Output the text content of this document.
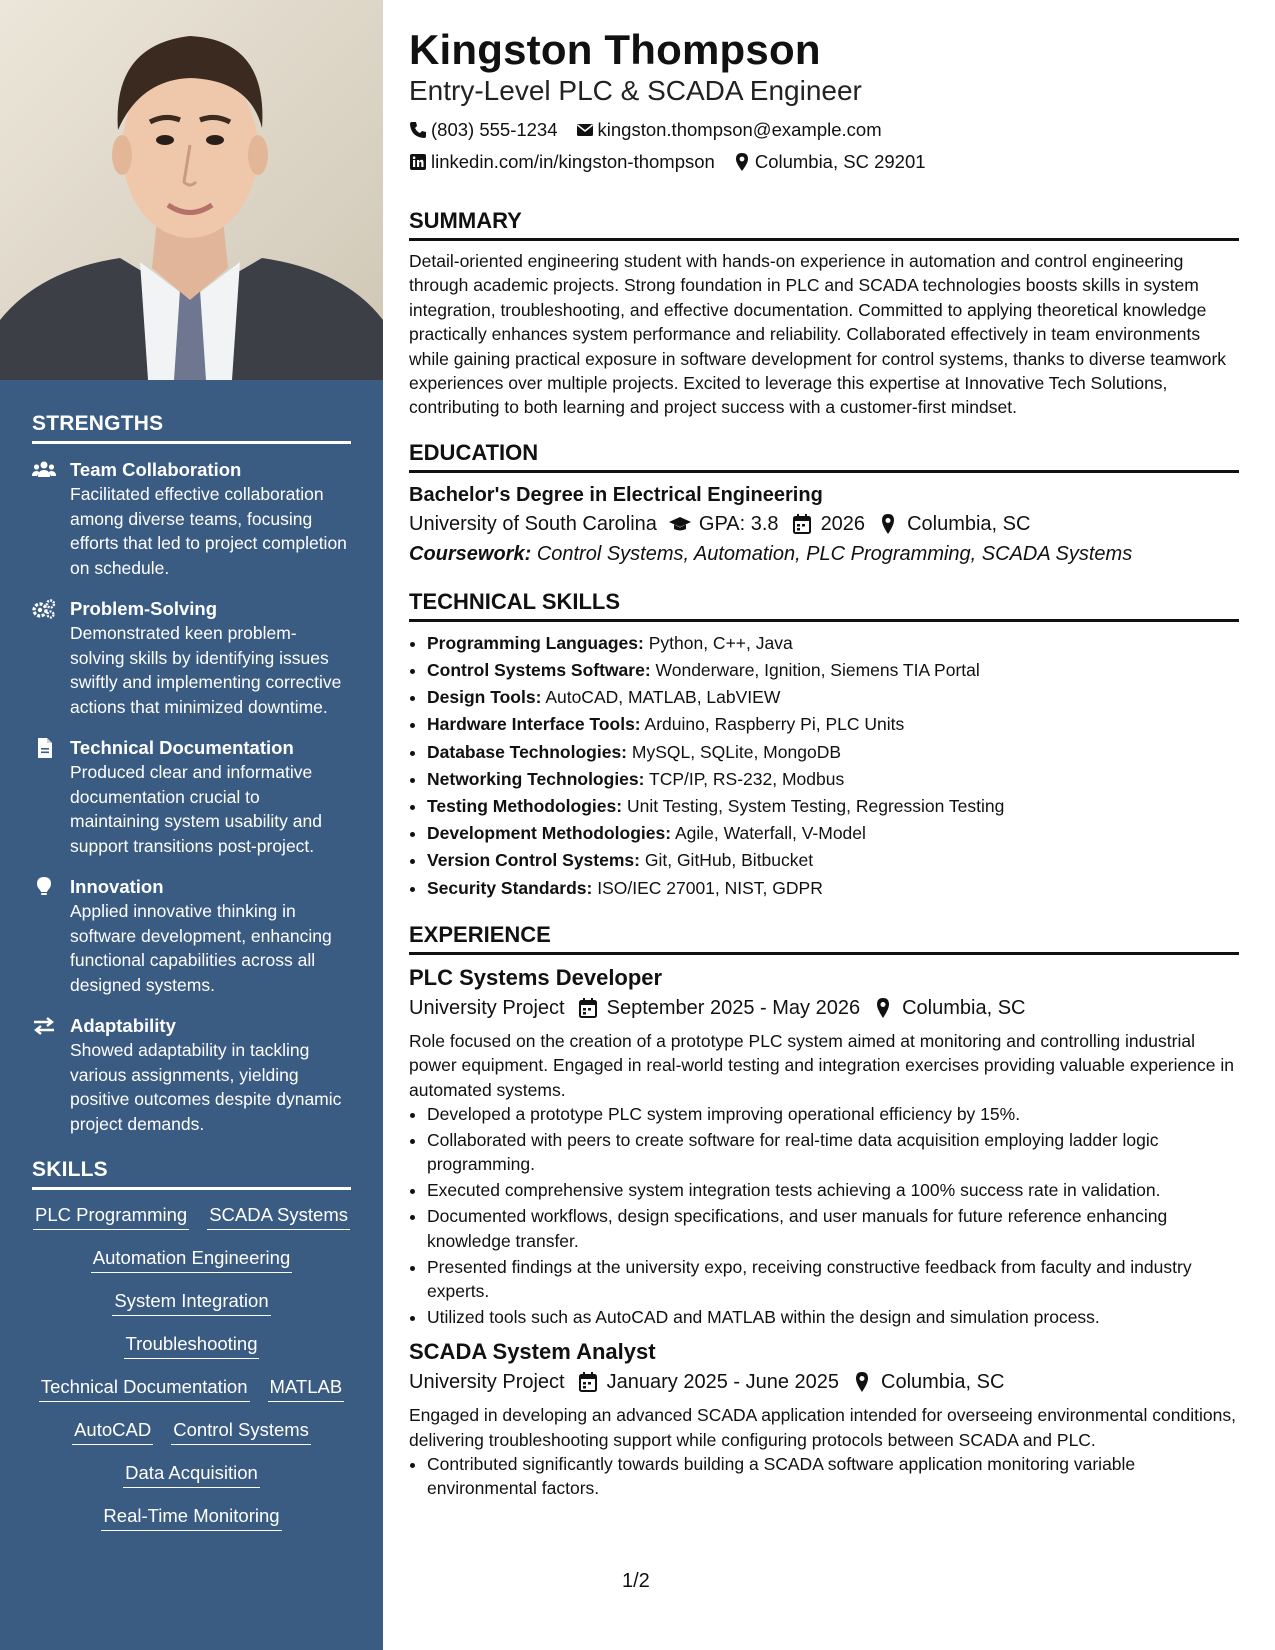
STRENGTHS
Team Collaboration
Facilitated effective collaboration among diverse teams, focusing efforts that led to project completion on schedule.
Problem-Solving
Demonstrated keen problem-solving skills by identifying issues swiftly and implementing corrective actions that minimized downtime.
Technical Documentation
Produced clear and informative documentation crucial to maintaining system usability and support transitions post-project.
Innovation
Applied innovative thinking in software development, enhancing functional capabilities across all designed systems.
Adaptability
Showed adaptability in tackling various assignments, yielding positive outcomes despite dynamic project demands.
SKILLS
PLC Programming SCADA Systems
Automation Engineering
System Integration
Troubleshooting
Technical Documentation MATLAB
AutoCAD Control Systems
Data Acquisition
Real-Time Monitoring
Kingston Thompson
Entry-Level PLC & SCADA Engineer
(803) 555-1234 kingston.thompson@example.com
linkedin.com/in/kingston-thompson Columbia, SC 29201
SUMMARY
Detail-oriented engineering student with hands-on experience in automation and control engineering through academic projects. Strong foundation in PLC and SCADA technologies boosts skills in system integration, troubleshooting, and effective documentation. Committed to applying theoretical knowledge practically enhances system performance and reliability. Collaborated effectively in team environments while gaining practical exposure in software development for control systems, thanks to diverse teamwork experiences over multiple projects. Excited to leverage this expertise at Innovative Tech Solutions, contributing to both learning and project success with a customer-first mindset.
EDUCATION
Bachelor's Degree in Electrical Engineering
University of South Carolina GPA: 3.8 2026 Columbia, SC
Coursework: Control Systems, Automation, PLC Programming, SCADA Systems
TECHNICAL SKILLS
• Programming Languages: Python, C++, Java
• Control Systems Software: Wonderware, Ignition, Siemens TIA Portal
• Design Tools: AutoCAD, MATLAB, LabVIEW
• Hardware Interface Tools: Arduino, Raspberry Pi, PLC Units
• Database Technologies: MySQL, SQLite, MongoDB
• Networking Technologies: TCP/IP, RS-232, Modbus
• Testing Methodologies: Unit Testing, System Testing, Regression Testing
• Development Methodologies: Agile, Waterfall, V-Model
• Version Control Systems: Git, GitHub, Bitbucket
• Security Standards: ISO/IEC 27001, NIST, GDPR
EXPERIENCE
PLC Systems Developer
University Project September 2025 - May 2026 Columbia, SC
Role focused on the creation of a prototype PLC system aimed at monitoring and controlling industrial power equipment. Engaged in real-world testing and integration exercises providing valuable experience in automated systems.
• Developed a prototype PLC system improving operational efficiency by 15%.
• Collaborated with peers to create software for real-time data acquisition employing ladder logic programming.
• Executed comprehensive system integration tests achieving a 100% success rate in validation.
• Documented workflows, design specifications, and user manuals for future reference enhancing knowledge transfer.
• Presented findings at the university expo, receiving constructive feedback from faculty and industry experts.
• Utilized tools such as AutoCAD and MATLAB within the design and simulation process.
SCADA System Analyst
University Project January 2025 - June 2025 Columbia, SC
Engaged in developing an advanced SCADA application intended for overseeing environmental conditions, delivering troubleshooting support while configuring protocols between SCADA and PLC.
• Contributed significantly towards building a SCADA software application monitoring variable environmental factors.
1/2
